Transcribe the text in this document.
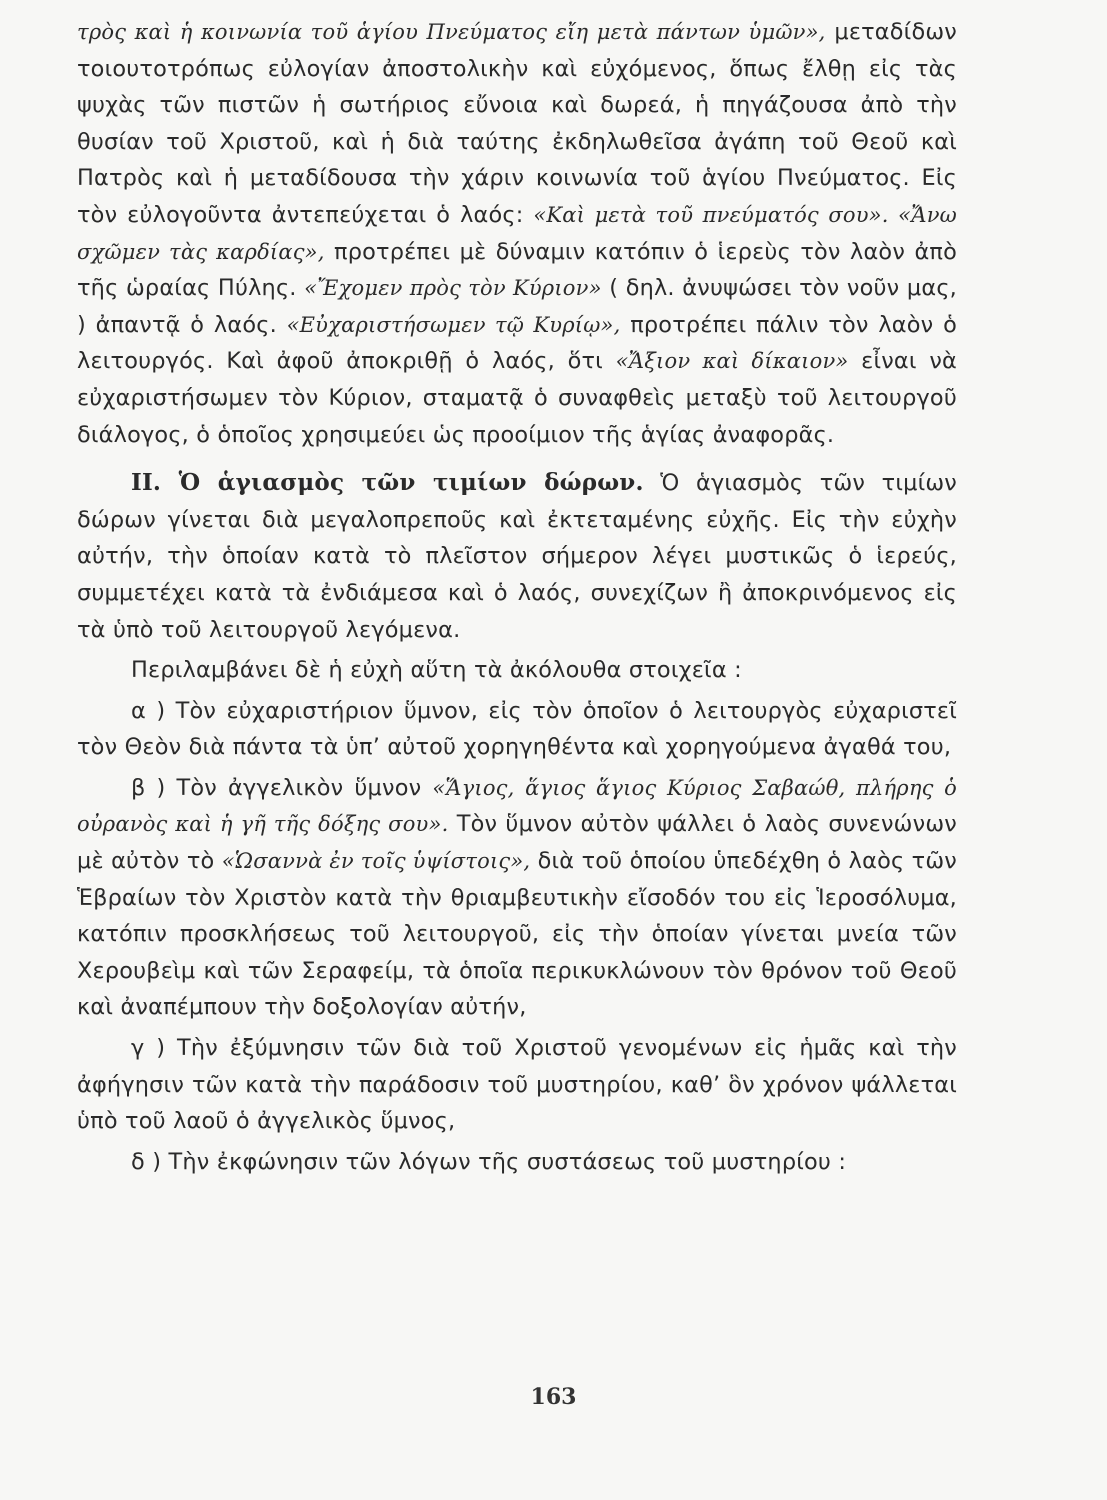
τρὸς καὶ ἡ κοινωνία τοῦ ἁγίου Πνεύματος εἴη μετὰ πάντων ὑμῶν», μεταδίδων τοιουτοτρόπως εὐλογίαν ἀποστολικὴν καὶ εὐχόμενος, ὅπως ἔλθῃ εἰς τὰς ψυχὰς τῶν πιστῶν ἡ σωτήριος εὔνοια καὶ δωρεά, ἡ πηγάζουσα ἀπὸ τὴν θυσίαν τοῦ Χριστοῦ, καὶ ἡ διὰ ταύτης ἐκδηλωθεῖσα ἀγάπη τοῦ Θεοῦ καὶ Πατρὸς καὶ ἡ μεταδίδουσα τὴν χάριν κοινωνία τοῦ ἁγίου Πνεύματος. Εἰς τὸν εὐλογοῦντα ἀντεπεύχεται ὁ λαός: «Καὶ μετὰ τοῦ πνεύματός σου». «Ἄνω σχῶμεν τὰς καρδίας», προτρέπει μὲ δύναμιν κατόπιν ὁ ἱερεὺς τὸν λαὸν ἀπὸ τῆς ὡραίας Πύλης. «Ἔχομεν πρὸς τὸν Κύριον» ( δηλ. ἀνυψώσει τὸν νοῦν μας, ) ἀπαντᾷ ὁ λαός. «Εὐχαριστήσωμεν τῷ Κυρίῳ», προτρέπει πάλιν τὸν λαὸν ὁ λειτουργός. Καὶ ἀφοῦ ἀποκριθῇ ὁ λαός, ὅτι «Ἄξιον καὶ δίκαιον» εἶναι νὰ εὐχαριστήσωμεν τὸν Κύριον, σταματᾷ ὁ συναφθεὶς μεταξὺ τοῦ λειτουργοῦ διάλογος, ὁ ὁποῖος χρησιμεύει ὡς προοίμιον τῆς ἁγίας ἀναφορᾶς.

ΙΙ. Ὁ ἁγιασμὸς τῶν τιμίων δώρων. Ὁ ἁγιασμὸς τῶν τιμίων δώρων γίνεται διὰ μεγαλοπρεποῦς καὶ ἐκτεταμένης εὐχῆς. Εἰς τὴν εὐχὴν αὐτήν, τὴν ὁποίαν κατὰ τὸ πλεῖστον σήμερον λέγει μυστικῶς ὁ ἱερεύς, συμμετέχει κατὰ τὰ ἐνδιάμεσα καὶ ὁ λαός, συνεχίζων ἢ ἀποκρινόμενος εἰς τὰ ὑπὸ τοῦ λειτουργοῦ λεγόμενα.

Περιλαμβάνει δὲ ἡ εὐχὴ αὕτη τὰ ἀκόλουθα στοιχεῖα :

α ) Τὸν εὐχαριστήριον ὕμνον, εἰς τὸν ὁποῖον ὁ λειτουργὸς εὐχαριστεῖ τὸν Θεὸν διὰ πάντα τὰ ὑπ’ αὐτοῦ χορηγηθέντα καὶ χορηγούμενα ἀγαθά του,

β ) Τὸν ἀγγελικὸν ὕμνον «Ἅγιος, ἅγιος ἅγιος Κύριος Σαβαώθ, πλήρης ὁ οὐρανὸς καὶ ἡ γῆ τῆς δόξης σου». Τὸν ὕμνον αὐτὸν ψάλλει ὁ λαὸς συνενώνων μὲ αὐτὸν τὸ «Ὡσαννὰ ἐν τοῖς ὑψίστοις», διὰ τοῦ ὁποίου ὑπεδέχθη ὁ λαὸς τῶν Ἑβραίων τὸν Χριστὸν κατὰ τὴν θριαμβευτικὴν εἴσοδόν του εἰς Ἱεροσόλυμα, κατόπιν προσκλήσεως τοῦ λειτουργοῦ, εἰς τὴν ὁποίαν γίνεται μνεία τῶν Χερουβεὶμ καὶ τῶν Σεραφείμ, τὰ ὁποῖα περικυκλώνουν τὸν θρόνον τοῦ Θεοῦ καὶ ἀναπέμπουν τὴν δοξολογίαν αὐτήν,

γ ) Τὴν ἐξύμνησιν τῶν διὰ τοῦ Χριστοῦ γενομένων εἰς ἡμᾶς καὶ τὴν ἀφήγησιν τῶν κατὰ τὴν παράδοσιν τοῦ μυστηρίου, καθ’ ὃν χρόνον ψάλλεται ὑπὸ τοῦ λαοῦ ὁ ἀγγελικὸς ὕμνος,

δ ) Τὴν ἐκφώνησιν τῶν λόγων τῆς συστάσεως τοῦ μυστηρίου :

163
